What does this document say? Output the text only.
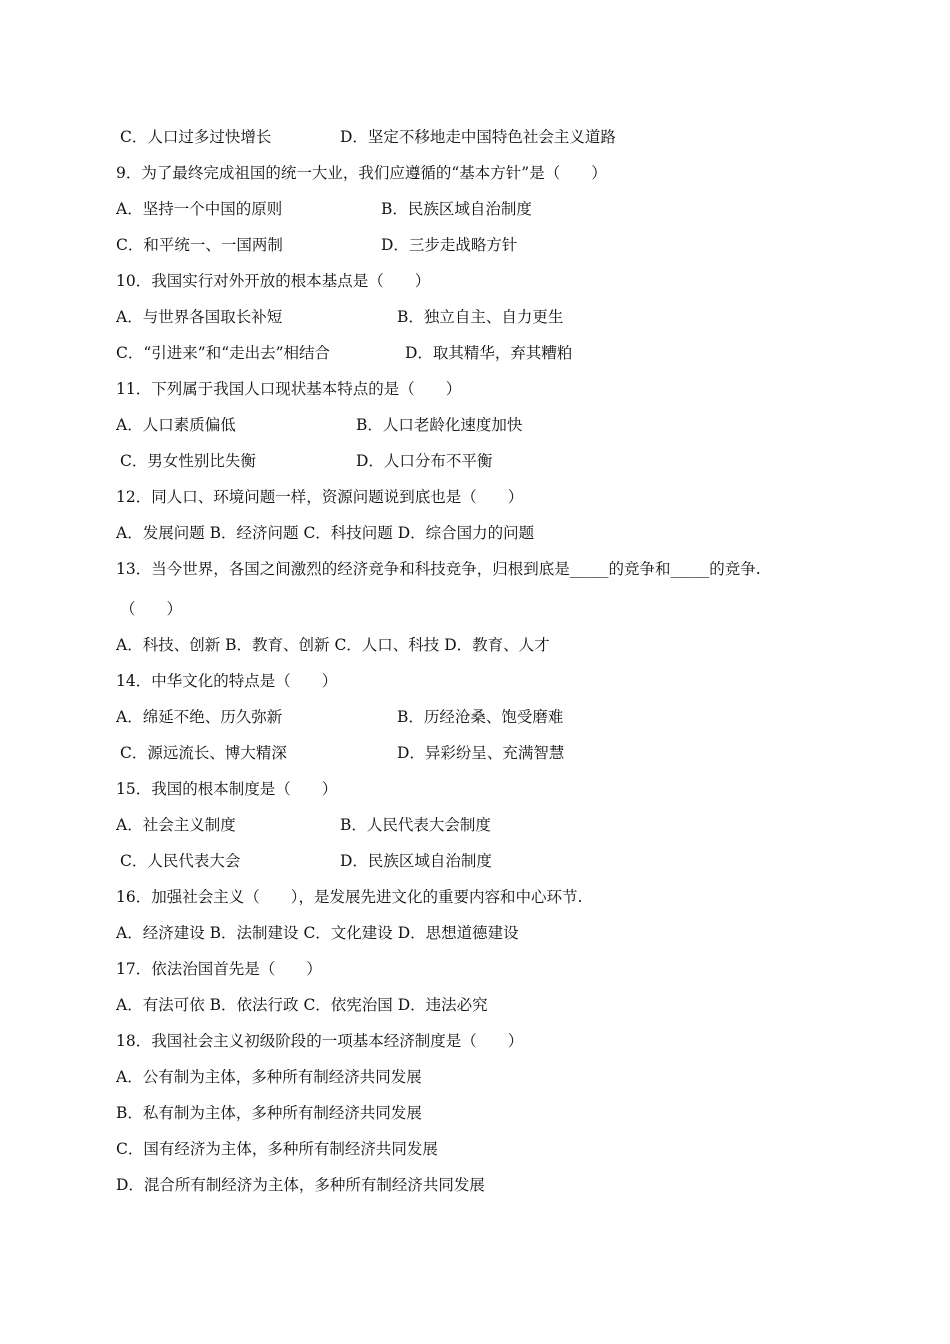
C．人口过多过快增长	D．坚定不移地走中国特色社会主义道路
9．为了最终完成祖国的统一大业，我们应遵循的“基本方针”是（　　）
A．坚持一个中国的原则	B．民族区域自治制度
C．和平统一、一国两制	D．三步走战略方针
10．我国实行对外开放的根本基点是（　　）
A．与世界各国取长补短	B．独立自主、自力更生
C．“引进来”和“走出去”相结合	D．取其精华，弃其糟粕
11．下列属于我国人口现状基本特点的是（　　）
A．人口素质偏低	B．人口老龄化速度加快
C．男女性别比失衡	D．人口分布不平衡
12．同人口、环境问题一样，资源问题说到底也是（　　）
A．发展问题 B．经济问题 C．科技问题 D．综合国力的问题
13．当今世界，各国之间激烈的经济竞争和科技竞争，归根到底是_____的竞争和_____的竞争.
（　　）
A．科技、创新 B．教育、创新 C．人口、科技 D．教育、人才
14．中华文化的特点是（　　）
A．绵延不绝、历久弥新	B．历经沧桑、饱受磨难
C．源远流长、博大精深	D．异彩纷呈、充满智慧
15．我国的根本制度是（　　）
A．社会主义制度	B．人民代表大会制度
C．人民代表大会	D．民族区域自治制度
16．加强社会主义（　　），是发展先进文化的重要内容和中心环节.
A．经济建设 B．法制建设 C．文化建设 D．思想道德建设
17．依法治国首先是（　　）
A．有法可依 B．依法行政 C．依宪治国 D．违法必究
18．我国社会主义初级阶段的一项基本经济制度是（　　）
A．公有制为主体，多种所有制经济共同发展
B．私有制为主体，多种所有制经济共同发展
C．国有经济为主体，多种所有制经济共同发展
D．混合所有制经济为主体，多种所有制经济共同发展
